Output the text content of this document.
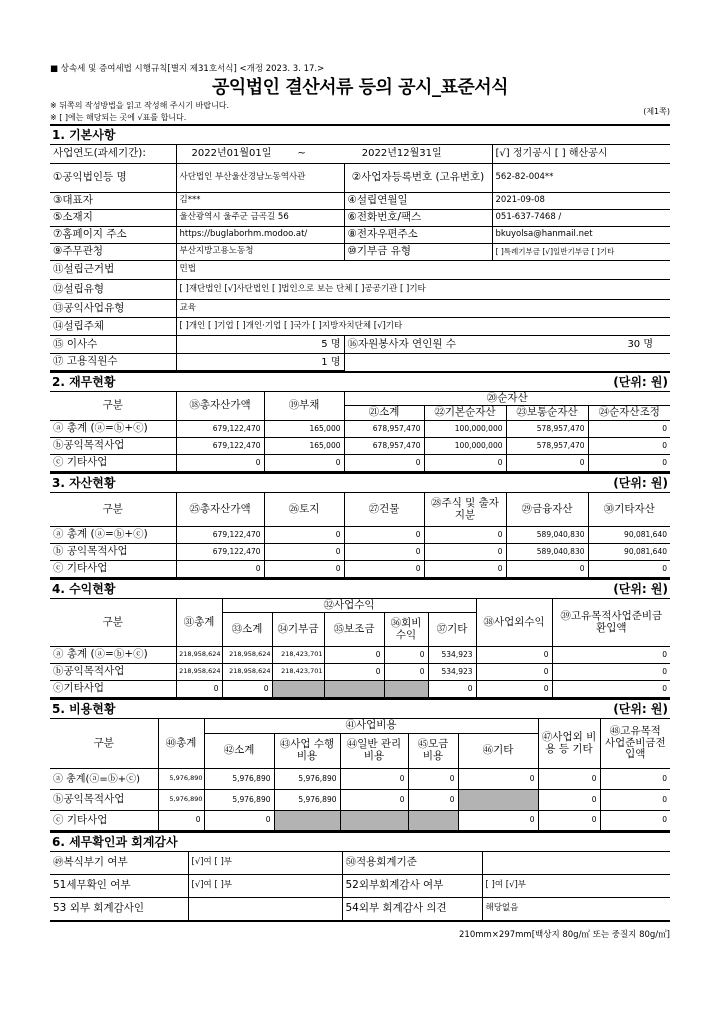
■ 상속세 및 증여세법 시행규칙[별지 제31호서식] <개정 2023. 3. 17.>
공익법인 결산서류 등의 공시_표준서식
※ 뒤쪽의 작성방법을 읽고 작성해 주시기 바랍니다.
(제1쪽)
※ [ ]에는 해당되는 곳에 √표를 합니다.
1. 기본사항
사업연도(과세기간):	2022년01월01일 ~ 2022년12월31일		[√] 정기공시 [ ] 해산공시
①공익법인등 명	사단법인 부산울산경남노동역사관	②사업자등록번호 (고유번호)	562-82-004**
③대표자	김***	④설립연월일	2021-09-08
⑤소재지	울산광역시 울주군 금곡길 56	⑥전화번호/팩스	051-637-7468 /
⑦홈페이지 주소	https://buglaborhm.modoo.at/	⑧전자우편주소	bkuyolsa@hanmail.net
⑨주무관청	부산지방고용노동청	⑩기부금 유형	[ ]특례기부금 [√]일반기부금 [ ]기타
⑪설립근거법	민법		
⑫설립유형	[ ]재단법인 [√]사단법인 [ ]법인으로 보는 단체 [ ]공공기관 [ ]기타		
⑬공익사업유형	교육		
⑭설립주체	[ ]개인 [ ]기업 [ ]개인·기업 [ ]국가 [ ]지방자치단체 [√]기타		
⑮ 이사수	5 명	⑯자원봉사자 연인원 수 30 명	

⑰ 고용직원수	1 명		
2. 재무현황	(단위: 원)
구분	⑱총자산가액	⑲부채	⑳순자산			
			㉑소계	㉒기본순자산	㉓보통순자산	㉔순자산조정
ⓐ 총계 (ⓐ=ⓑ+ⓒ)	679,122,470	165,000	678,957,470	100,000,000	578,957,470	0
ⓑ공익목적사업	679,122,470	165,000	678,957,470	100,000,000	578,957,470	0
ⓒ 기타사업	0	0	0	0	0	0
3. 자산현황	(단위: 원)
구분	㉕총자산가액	㉖토지	㉗건물	㉘주식 및 출자지분	㉙금융자산	㉚기타자산
ⓐ 총계 (ⓐ=ⓑ+ⓒ)	679,122,470	0	0	0	589,040,830	90,081,640
ⓑ 공익목적사업	679,122,470	0	0	0	589,040,830	90,081,640
ⓒ 기타사업	0	0	0	0	0	0
4. 수익현황	(단위: 원)
구분	㉛총계	㉜사업수익					㊳사업외수익	㊴고유목적사업준비금 환입액
		㉝소계	㉞기부금	㉟보조금	㊱회비 수익	㊲기타		
ⓐ 총계 (ⓐ=ⓑ+ⓒ)	218,958,624	218,958,624	218,423,701	0	0	534,923	0	0
ⓑ공익목적사업	218,958,624	218,958,624	218,423,701	0	0	534,923	0	0
ⓒ기타사업	0	0				0	0	0
5. 비용현황	(단위: 원)
구분	㊵총계	㊶사업비용					㊼사업외 비용 등 기타	㊽고유목적 사업준비금전 입액
		㊷소계	㊸사업 수행비용	㊹일반 관리비용	㊺모금 비용	㊻기타		
ⓐ 총계(ⓐ=ⓑ+ⓒ)	5,976,890	5,976,890	5,976,890	0	0	0	0	0
ⓑ공익목적사업	5,976,890	5,976,890	5,976,890	0	0		0	0
ⓒ 기타사업	0	0				0	0	0
6. 세무확인과 회계감사
㊾복식부기 여부	[√]여 [ ]부	㊿적용회계기준	
51세무확인 여부	[√]여 [ ]부	52외부회계감사 여부	[ ]여 [√]부
53 외부 회계감사인		54외부 회계감사 의견	해당없음
210mm×297mm[백상지 80g/㎡ 또는 중질지 80g/㎡]
